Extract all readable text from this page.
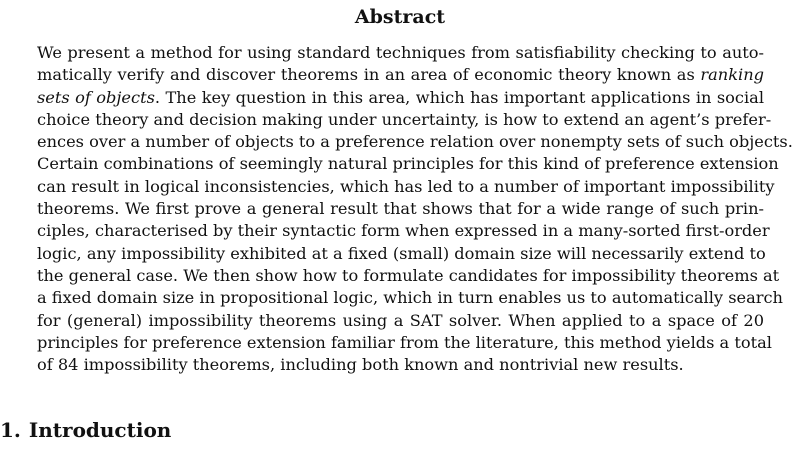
Abstract
We present a method for using standard techniques from satisfiability checking to auto-
matically verify and discover theorems in an area of economic theory known as ranking
sets of objects. The key question in this area, which has important applications in social
choice theory and decision making under uncertainty, is how to extend an agent’s prefer-
ences over a number of objects to a preference relation over nonempty sets of such objects.
Certain combinations of seemingly natural principles for this kind of preference extension
can result in logical inconsistencies, which has led to a number of important impossibility
theorems. We first prove a general result that shows that for a wide range of such prin-
ciples, characterised by their syntactic form when expressed in a many-sorted first-order
logic, any impossibility exhibited at a fixed (small) domain size will necessarily extend to
the general case. We then show how to formulate candidates for impossibility theorems at
a fixed domain size in propositional logic, which in turn enables us to automatically search
for (general) impossibility theorems using a SAT solver. When applied to a space of 20
principles for preference extension familiar from the literature, this method yields a total
of 84 impossibility theorems, including both known and nontrivial new results.
1. Introduction
